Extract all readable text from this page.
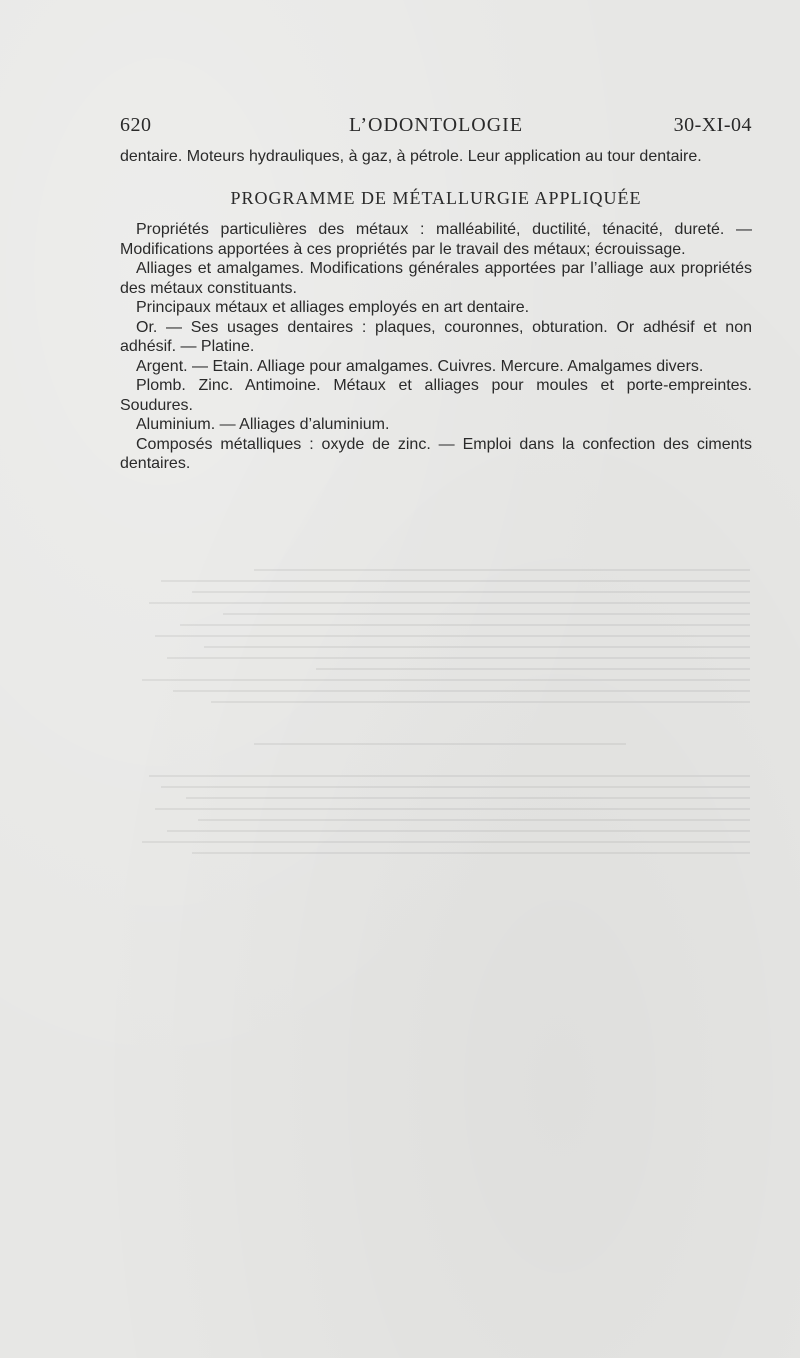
620	L’ODONTOLOGIE	30-XI-04

dentaire. Moteurs hydrauliques, à gaz, à pétrole. Leur application au tour dentaire.

PROGRAMME DE MÉTALLURGIE APPLIQUÉE

Propriétés particulières des métaux : malléabilité, ductilité, ténacité, dureté. — Modifications apportées à ces propriétés par le travail des métaux; écrouissage.

Alliages et amalgames. Modifications générales apportées par l’alliage aux propriétés des métaux constituants.

Principaux métaux et alliages employés en art dentaire.

Or. — Ses usages dentaires : plaques, couronnes, obturation. Or adhésif et non adhésif. — Platine.

Argent. — Etain. Alliage pour amalgames. Cuivres. Mercure. Amalgames divers.

Plomb. Zinc. Antimoine. Métaux et alliages pour moules et porte-empreintes. Soudures.

Aluminium. — Alliages d’aluminium.

Composés métalliques : oxyde de zinc. — Emploi dans la confection des ciments dentaires.
